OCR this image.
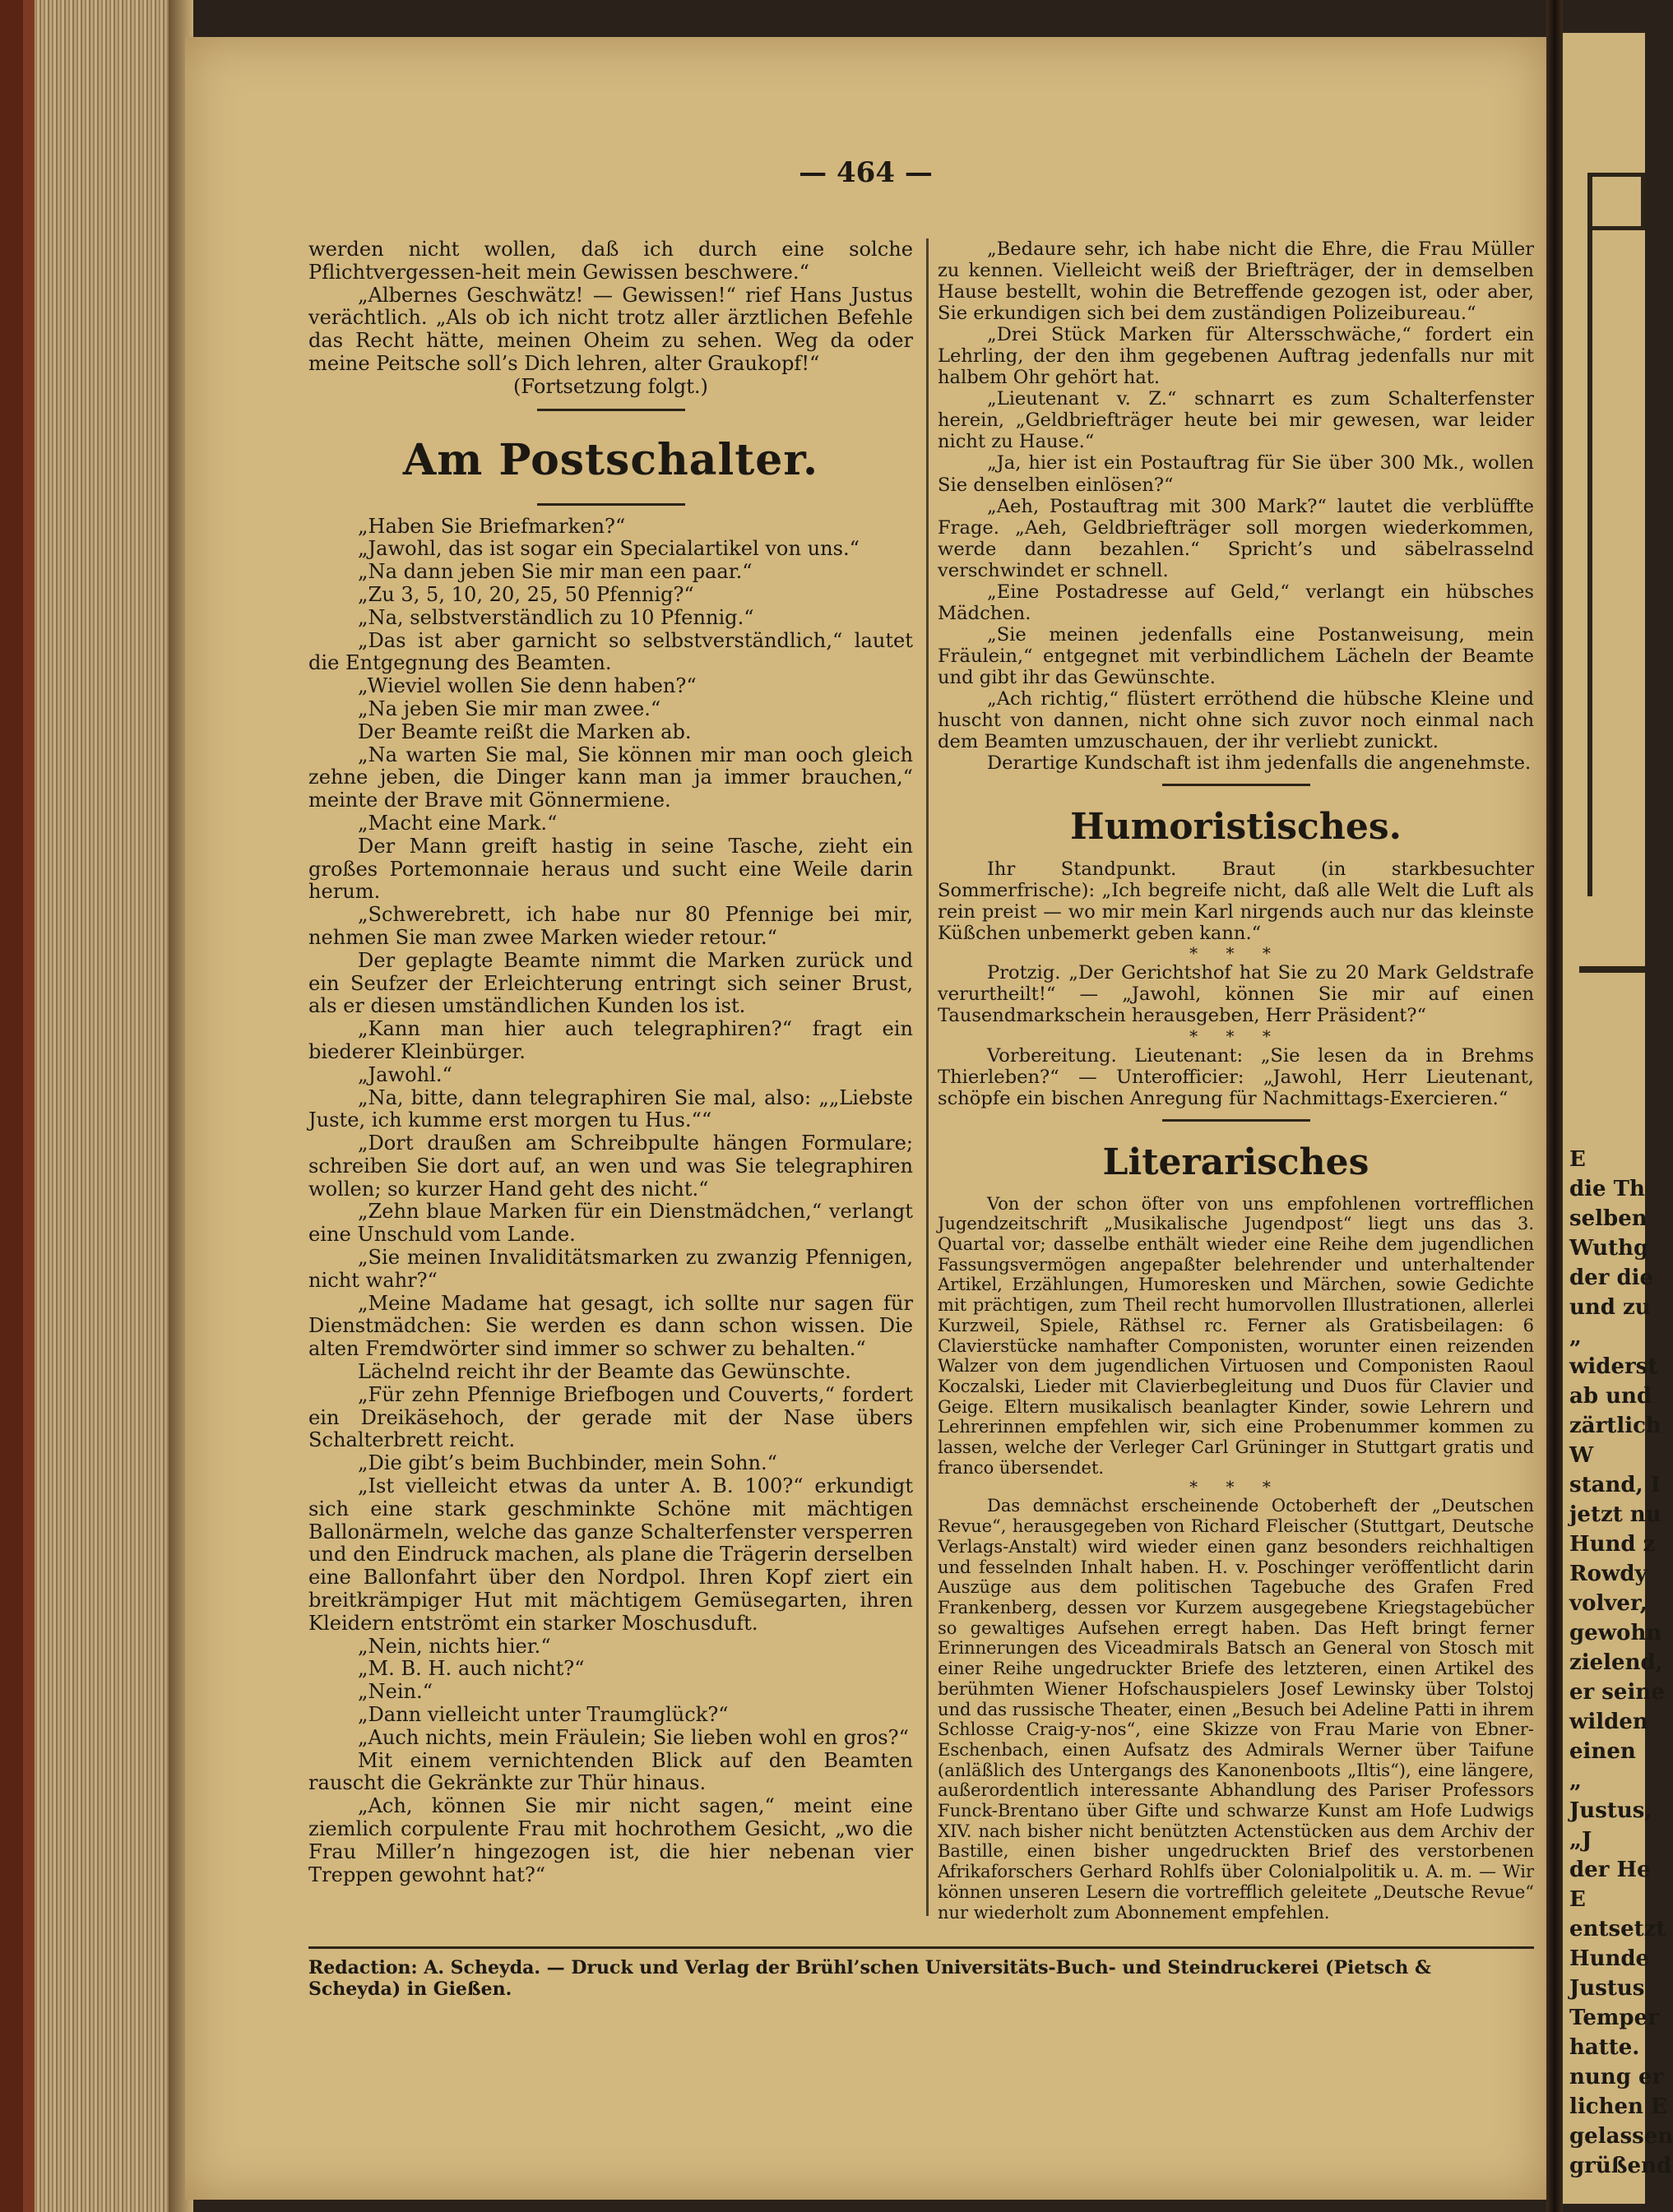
— 464 —

werden nicht wollen, daß ich durch eine solche Pflichtvergessen-heit mein Gewissen beschwere.“

„Albernes Geschwätz! — Gewissen!“ rief Hans Justus verächtlich. „Als ob ich nicht trotz aller ärztlichen Befehle das Recht hätte, meinen Oheim zu sehen. Weg da oder meine Peitsche soll’s Dich lehren, alter Graukopf!“

(Fortsetzung folgt.)

Am Postschalter.

„Haben Sie Briefmarken?“

„Jawohl, das ist sogar ein Specialartikel von uns.“

„Na dann jeben Sie mir man een paar.“

„Zu 3, 5, 10, 20, 25, 50 Pfennig?“

„Na, selbstverständlich zu 10 Pfennig.“

„Das ist aber garnicht so selbstverständlich,“ lautet die Entgegnung des Beamten.

„Wieviel wollen Sie denn haben?“

„Na jeben Sie mir man zwee.“

Der Beamte reißt die Marken ab.

„Na warten Sie mal, Sie können mir man ooch gleich zehne jeben, die Dinger kann man ja immer brauchen,“ meinte der Brave mit Gönnermiene.

„Macht eine Mark.“

Der Mann greift hastig in seine Tasche, zieht ein großes Portemonnaie heraus und sucht eine Weile darin herum.

„Schwerebrett, ich habe nur 80 Pfennige bei mir, nehmen Sie man zwee Marken wieder retour.“

Der geplagte Beamte nimmt die Marken zurück und ein Seufzer der Erleichterung entringt sich seiner Brust, als er diesen umständlichen Kunden los ist.

„Kann man hier auch telegraphiren?“ fragt ein biederer Kleinbürger.

„Jawohl.“

„Na, bitte, dann telegraphiren Sie mal, also: „„Liebste Juste, ich kumme erst morgen tu Hus.““

„Dort draußen am Schreibpulte hängen Formulare; schreiben Sie dort auf, an wen und was Sie telegraphiren wollen; so kurzer Hand geht des nicht.“

„Zehn blaue Marken für ein Dienstmädchen,“ verlangt eine Unschuld vom Lande.

„Sie meinen Invaliditätsmarken zu zwanzig Pfennigen, nicht wahr?“

„Meine Madame hat gesagt, ich sollte nur sagen für Dienstmädchen: Sie werden es dann schon wissen. Die alten Fremdwörter sind immer so schwer zu behalten.“

Lächelnd reicht ihr der Beamte das Gewünschte.

„Für zehn Pfennige Briefbogen und Couverts,“ fordert ein Dreikäsehoch, der gerade mit der Nase übers Schalterbrett reicht.

„Die gibt’s beim Buchbinder, mein Sohn.“

„Ist vielleicht etwas da unter A. B. 100?“ erkundigt sich eine stark geschminkte Schöne mit mächtigen Ballonärmeln, welche das ganze Schalterfenster versperren und den Eindruck machen, als plane die Trägerin derselben eine Ballonfahrt über den Nordpol. Ihren Kopf ziert ein breitkrämpiger Hut mit mächtigem Gemüsegarten, ihren Kleidern entströmt ein starker Moschusduft.

„Nein, nichts hier.“

„M. B. H. auch nicht?“

„Nein.“

„Dann vielleicht unter Traumglück?“

„Auch nichts, mein Fräulein; Sie lieben wohl en gros?“

Mit einem vernichtenden Blick auf den Beamten rauscht die Gekränkte zur Thür hinaus.

„Ach, können Sie mir nicht sagen,“ meint eine ziemlich corpulente Frau mit hochrothem Gesicht, „wo die Frau Miller’n hingezogen ist, die hier nebenan vier Treppen gewohnt hat?“

„Bedaure sehr, ich habe nicht die Ehre, die Frau Müller zu kennen. Vielleicht weiß der Briefträger, der in demselben Hause bestellt, wohin die Betreffende gezogen ist, oder aber, Sie erkundigen sich bei dem zuständigen Polizeibureau.“

„Drei Stück Marken für Altersschwäche,“ fordert ein Lehrling, der den ihm gegebenen Auftrag jedenfalls nur mit halbem Ohr gehört hat.

„Lieutenant v. Z.“ schnarrt es zum Schalterfenster herein, „Geldbriefträger heute bei mir gewesen, war leider nicht zu Hause.“

„Ja, hier ist ein Postauftrag für Sie über 300 Mk., wollen Sie denselben einlösen?“

„Aeh, Postauftrag mit 300 Mark?“ lautet die verblüffte Frage. „Aeh, Geldbriefträger soll morgen wiederkommen, werde dann bezahlen.“ Spricht’s und säbelrasselnd verschwindet er schnell.

„Eine Postadresse auf Geld,“ verlangt ein hübsches Mädchen.

„Sie meinen jedenfalls eine Postanweisung, mein Fräulein,“ entgegnet mit verbindlichem Lächeln der Beamte und gibt ihr das Gewünschte.

„Ach richtig,“ flüstert erröthend die hübsche Kleine und huscht von dannen, nicht ohne sich zuvor noch einmal nach dem Beamten umzuschauen, der ihr verliebt zunickt.

Derartige Kundschaft ist ihm jedenfalls die angenehmste.

Humoristisches.

Ihr Standpunkt. Braut (in starkbesuchter Sommerfrische): „Ich begreife nicht, daß alle Welt die Luft als rein preist — wo mir mein Karl nirgends auch nur das kleinste Küßchen unbemerkt geben kann.“

* * *

Protzig. „Der Gerichtshof hat Sie zu 20 Mark Geldstrafe verurtheilt!“ — „Jawohl, können Sie mir auf einen Tausendmarkschein herausgeben, Herr Präsident?“

* * *

Vorbereitung. Lieutenant: „Sie lesen da in Brehms Thierleben?“ — Unterofficier: „Jawohl, Herr Lieutenant, schöpfe ein bischen Anregung für Nachmittags-Exercieren.“

Literarisches

Von der schon öfter von uns empfohlenen vortrefflichen Jugendzeitschrift „Musikalische Jugendpost“ liegt uns das 3. Quartal vor; dasselbe enthält wieder eine Reihe dem jugendlichen Fassungsvermögen angepaßter belehrender und unterhaltender Artikel, Erzählungen, Humoresken und Märchen, sowie Gedichte mit prächtigen, zum Theil recht humorvollen Illustrationen, allerlei Kurzweil, Spiele, Räthsel rc. Ferner als Gratisbeilagen: 6 Clavierstücke namhafter Componisten, worunter einen reizenden Walzer von dem jugendlichen Virtuosen und Componisten Raoul Koczalski, Lieder mit Clavierbegleitung und Duos für Clavier und Geige. Eltern musikalisch beanlagter Kinder, sowie Lehrern und Lehrerinnen empfehlen wir, sich eine Probenummer kommen zu lassen, welche der Verleger Carl Grüninger in Stuttgart gratis und franco übersendet.

* * *

Das demnächst erscheinende Octoberheft der „Deutschen Revue“, herausgegeben von Richard Fleischer (Stuttgart, Deutsche Verlags-Anstalt) wird wieder einen ganz besonders reichhaltigen und fesselnden Inhalt haben. H. v. Poschinger veröffentlicht darin Auszüge aus dem politischen Tagebuche des Grafen Fred Frankenberg, dessen vor Kurzem ausgegebene Kriegstagebücher so gewaltiges Aufsehen erregt haben. Das Heft bringt ferner Erinnerungen des Viceadmirals Batsch an General von Stosch mit einer Reihe ungedruckter Briefe des letzteren, einen Artikel des berühmten Wiener Hofschauspielers Josef Lewinsky über Tolstoj und das russische Theater, einen „Besuch bei Adeline Patti in ihrem Schlosse Craig-y-nos“, eine Skizze von Frau Marie von Ebner-Eschenbach, einen Aufsatz des Admirals Werner über Taifune (anläßlich des Untergangs des Kanonenboots „Iltis“), eine längere, außerordentlich interessante Abhandlung des Pariser Professors Funck-Brentano über Gifte und schwarze Kunst am Hofe Ludwigs XIV. nach bisher nicht benützten Actenstücken aus dem Archiv der Bastille, einen bisher ungedruckten Brief des verstorbenen Afrikaforschers Gerhard Rohlfs über Colonialpolitik u. A. m. — Wir können unseren Lesern die vortrefflich geleitete „Deutsche Revue“ nur wiederholt zum Abonnement empfehlen.

Redaction: A. Scheyda. — Druck und Verlag der Brühl’schen Universitäts-Buch- und Steindruckerei (Pietsch & Scheyda) in Gießen.
E
die Th
selben
Wuthg
der die
und zu
„
widerst
ab und
zärtlich
W
stand, I
jetzt nu
Hund z
Rowdy
volver,
gewohn
zielend,
er seine
wilden
einen
„
Justus,
„J
der He
E
entsetzt
Hunde
Justus
Temper
hatte.
nung er
lichen E
gelassen
grüßend
